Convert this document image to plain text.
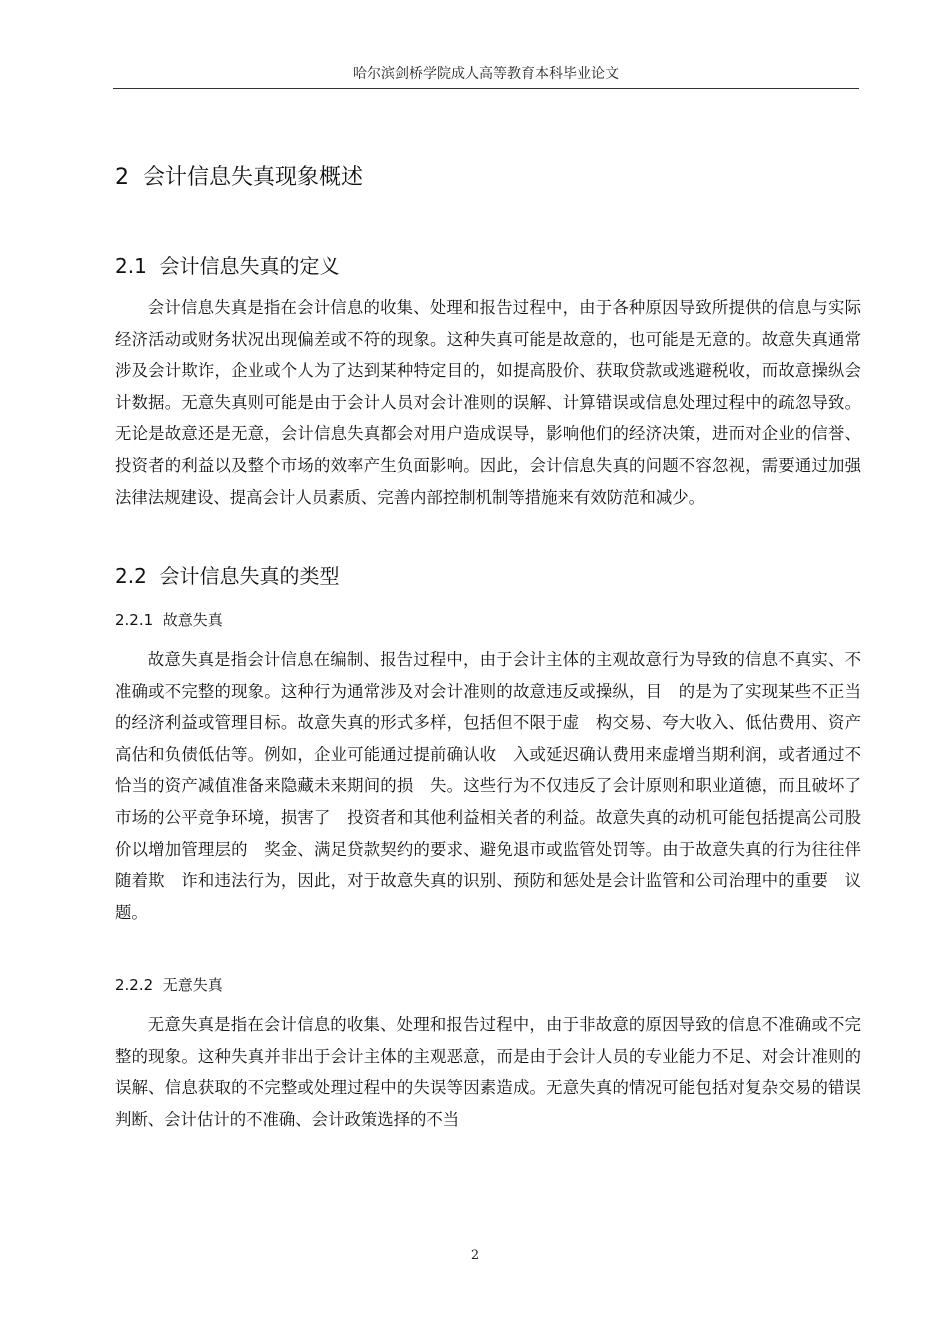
哈尔滨剑桥学院成人高等教育本科毕业论文
2 会计信息失真现象概述
2.1 会计信息失真的定义

会计信息失真是指在会计信息的收集、处理和报告过程中，由于各种原因导致所提供的信息与实际经济活动或财务状况出现偏差或不符的现象。这种失真可能是故意的，也可能是无意的。故意失真通常涉及会计欺诈，企业或个人为了达到某种特定目的，如提高股价、获取贷款或逃避税收，而故意操纵会计数据。无意失真则可能是由于会计人员对会计准则的误解、计算错误或信息处理过程中的疏忽导致。无论是故意还是无意，会计信息失真都会对用户造成误导，影响他们的经济决策，进而对企业的信誉、投资者的利益以及整个市场的效率产生负面影响。因此，会计信息失真的问题不容忽视，需要通过加强法律法规建设、提高会计人员素质、完善内部控制机制等措施来有效防范和减少。

2.2 会计信息失真的类型
2.2.1 故意失真

故意失真是指会计信息在编制、报告过程中，由于会计主体的主观故意行为导致的信息不真实、不准确或不完整的现象。这种行为通常涉及对会计准则的故意违反或操纵，目　的是为了实现某些不正当的经济利益或管理目标。故意失真的形式多样，包括但不限于虚　构交易、夸大收入、低估费用、资产高估和负债低估等。例如，企业可能通过提前确认收　入或延迟确认费用来虚增当期利润，或者通过不恰当的资产减值准备来隐藏未来期间的损　失。这些行为不仅违反了会计原则和职业道德，而且破坏了市场的公平竞争环境，损害了　投资者和其他利益相关者的利益。故意失真的动机可能包括提高公司股价以增加管理层的　奖金、满足贷款契约的要求、避免退市或监管处罚等。由于故意失真的行为往往伴随着欺　诈和违法行为，因此，对于故意失真的识别、预防和惩处是会计监管和公司治理中的重要　议题。

2.2.2 无意失真

无意失真是指在会计信息的收集、处理和报告过程中，由于非故意的原因导致的信息不准确或不完整的现象。这种失真并非出于会计主体的主观恶意，而是由于会计人员的专业能力不足、对会计准则的误解、信息获取的不完整或处理过程中的失误等因素造成。无意失真的情况可能包括对复杂交易的错误判断、会计估计的不准确、会计政策选择的不当

2
